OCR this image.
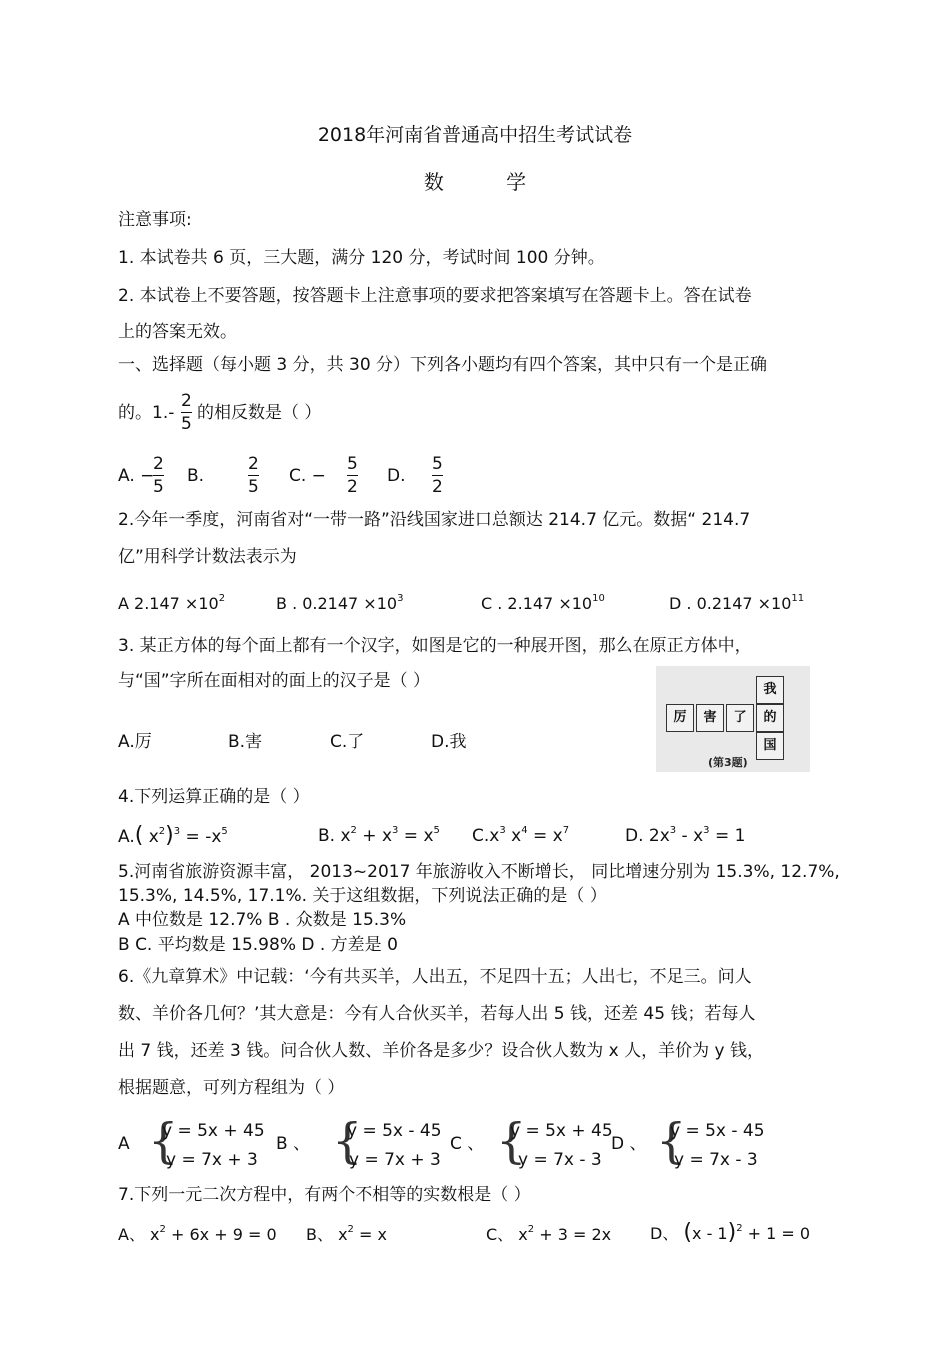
2018年河南省普通高中招生考试试卷
数	学
注意事项:
1. 本试卷共 6 页，三大题，满分 120 分，考试时间 100 分钟。
2. 本试卷上不要答题，按答题卡上注意事项的要求把答案填写在答题卡上。答在试卷
上的答案无效。
一、选择题（每小题 3 分，共 30 分）下列各小题均有四个答案，其中只有一个是正确
的。1.-
2
5
的相反数是（ ）
A. −
2
5
B.
2
5
C. −
5
2
D.
5
2
2.今年一季度，河南省对“一带一路”沿线国家进口总额达 214.7 亿元。数据“ 214.7
亿”用科学计数法表示为
A $2.147 \times 10^2$	B . $0.2147 \times 10^3$	C . $2.147 \times 10^{10}$	D . $0.2147 \times 10^{11}$
3. 某正方体的每个面上都有一个汉字，如图是它的一种展开图，那么在原正方体中，
与“国”字所在面相对的面上的汉子是（ ）
A.厉	B.害	C.了	D.我
我
厉	害	了	的
国
(第3题)
4.下列运算正确的是（ ）
A.( $x^2)^3 = -x^5$	B. $x^2 + x^3 = x^5$ $C.x^3$ $x^4 = x^7$	D. $2x^3 - x^3 = 1$
5.河南省旅游资源丰富， 2013~2017 年旅游收入不断增长， 同比增速分别为 15.3%, 12.7%,
15.3%, 14.5%, 17.1%. 关于这组数据，下列说法正确的是（ ）
A 中位数是 12.7% B . 众数是 15.3%
B C. 平均数是 15.98% D . 方差是 0
6.《九章算术》中记载：‘今有共买羊，人出五，不足四十五；人出七，不足三。问人
数、羊价各几何？’其大意是：今有人合伙买羊，若每人出 5 钱，还差 45 钱；若每人
出 7 钱，还差 3 钱。问合伙人数、羊价各是多少？设合伙人数为 x 人，羊价为 y 钱，
根据题意，可列方程组为（ ）
A {
y = 5x + 45
y = 7x + 3
B 、 {
y = 5x - 45
y = 7x + 3
C 、 {
y = 5x + 45
y = 7x - 3
D 、 {
y = 5x - 45
y = 7x - 3
7.下列一元二次方程中，有两个不相等的实数根是（ ）
A、 $x^2 + 6x + 9 = 0$ B、 $x^2 = x$	C、 $x^2 + 3 = 2x$ D、 (x - 1)$^2$ + 1 = 0
